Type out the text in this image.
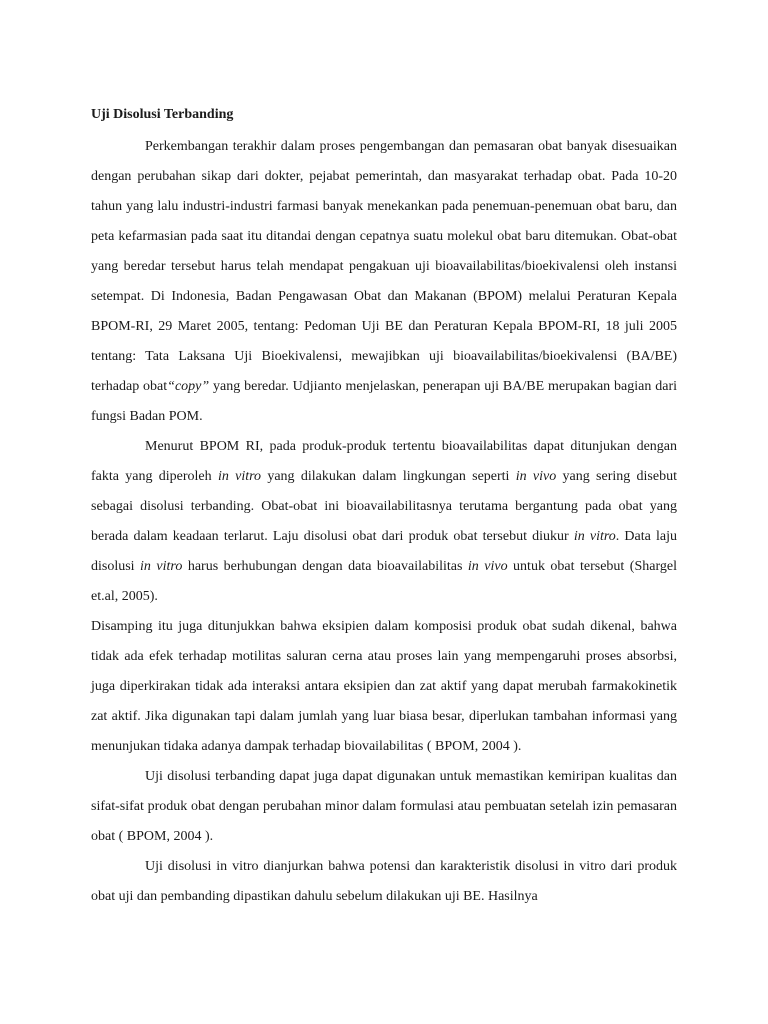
Uji Disolusi Terbanding

Perkembangan terakhir dalam proses pengembangan dan pemasaran obat banyak disesuaikan dengan perubahan sikap dari dokter, pejabat pemerintah, dan masyarakat terhadap obat. Pada 10-20 tahun yang lalu industri-industri farmasi banyak menekankan pada penemuan-penemuan obat baru, dan peta kefarmasian pada saat itu ditandai dengan cepatnya suatu molekul obat baru ditemukan. Obat-obat yang beredar tersebut harus telah mendapat pengakuan uji bioavailabilitas/bioekivalensi oleh instansi setempat. Di Indonesia, Badan Pengawasan Obat dan Makanan (BPOM) melalui Peraturan Kepala BPOM-RI, 29 Maret 2005, tentang: Pedoman Uji BE dan Peraturan Kepala BPOM-RI, 18 juli 2005 tentang: Tata Laksana Uji Bioekivalensi, mewajibkan uji bioavailabilitas/bioekivalensi (BA/BE) terhadap obat“copy” yang beredar. Udjianto menjelaskan, penerapan uji BA/BE merupakan bagian dari fungsi Badan POM.

Menurut BPOM RI, pada produk-produk tertentu bioavailabilitas dapat ditunjukan dengan fakta yang diperoleh in vitro yang dilakukan dalam lingkungan seperti in vivo yang sering disebut sebagai disolusi terbanding. Obat-obat ini bioavailabilitasnya terutama bergantung pada obat yang berada dalam keadaan terlarut. Laju disolusi obat dari produk obat tersebut diukur in vitro. Data laju disolusi in vitro harus berhubungan dengan data bioavailabilitas in vivo untuk obat tersebut (Shargel et.al, 2005).

Disamping itu juga ditunjukkan bahwa eksipien dalam komposisi produk obat sudah dikenal, bahwa tidak ada efek terhadap motilitas saluran cerna atau proses lain yang mempengaruhi proses absorbsi, juga diperkirakan tidak ada interaksi antara eksipien dan zat aktif yang dapat merubah farmakokinetik zat aktif. Jika digunakan tapi dalam jumlah yang luar biasa besar, diperlukan tambahan informasi yang menunjukan tidaka adanya dampak terhadap biovailabilitas ( BPOM, 2004 ).

Uji disolusi terbanding dapat juga dapat digunakan untuk memastikan kemiripan kualitas dan sifat-sifat produk obat dengan perubahan minor dalam formulasi atau pembuatan setelah izin pemasaran obat ( BPOM, 2004 ).

Uji disolusi in vitro dianjurkan bahwa potensi dan karakteristik disolusi in vitro dari produk obat uji dan pembanding dipastikan dahulu sebelum dilakukan uji BE. Hasilnya
